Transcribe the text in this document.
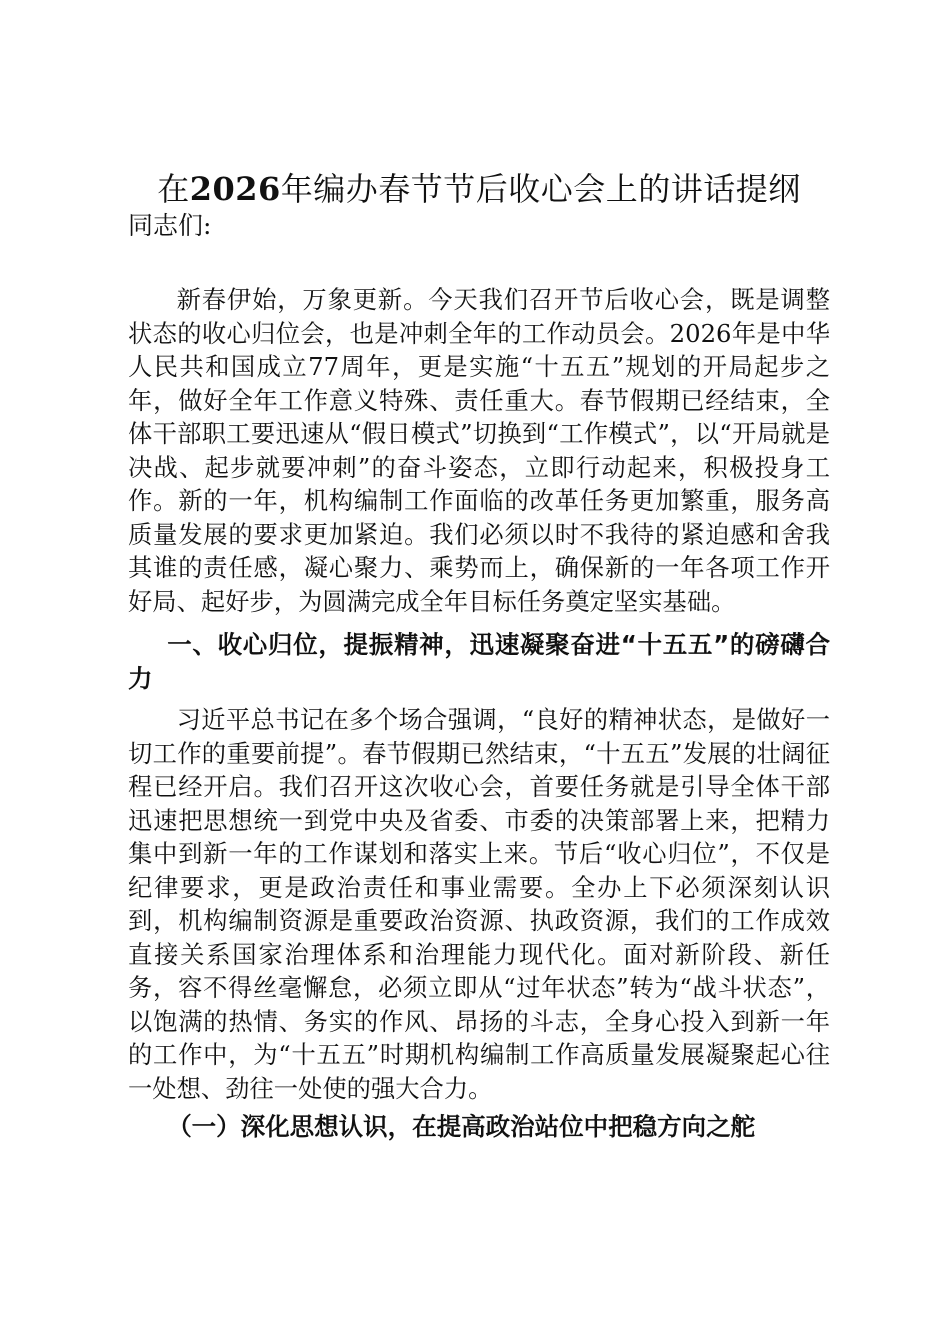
在2026年编办春节节后收心会上的讲话提纲

同志们:

新春伊始，万象更新。今天我们召开节后收心会，既是调整状态的收心归位会，也是冲刺全年的工作动员会。2026年是中华人民共和国成立77周年，更是实施“十五五”规划的开局起步之年，做好全年工作意义特殊、责任重大。春节假期已经结束，全体干部职工要迅速从“假日模式”切换到“工作模式”，以“开局就是决战、起步就要冲刺”的奋斗姿态，立即行动起来，积极投身工作。新的一年，机构编制工作面临的改革任务更加繁重，服务高质量发展的要求更加紧迫。我们必须以时不我待的紧迫感和舍我其谁的责任感，凝心聚力、乘势而上，确保新的一年各项工作开好局、起好步，为圆满完成全年目标任务奠定坚实基础。

一、收心归位，提振精神，迅速凝聚奋进“十五五”的磅礴合力

习近平总书记在多个场合强调，“良好的精神状态，是做好一切工作的重要前提”。春节假期已然结束，“十五五”发展的壮阔征程已经开启。我们召开这次收心会，首要任务就是引导全体干部迅速把思想统一到党中央及省委、市委的决策部署上来，把精力集中到新一年的工作谋划和落实上来。节后“收心归位”，不仅是纪律要求，更是政治责任和事业需要。全办上下必须深刻认识到，机构编制资源是重要政治资源、执政资源，我们的工作成效直接关系国家治理体系和治理能力现代化。面对新阶段、新任务，容不得丝毫懈怠，必须立即从“过年状态”转为“战斗状态”，以饱满的热情、务实的作风、昂扬的斗志，全身心投入到新一年的工作中，为“十五五”时期机构编制工作高质量发展凝聚起心往一处想、劲往一处使的强大合力。

（一）深化思想认识，在提高政治站位中把稳方向之舵
